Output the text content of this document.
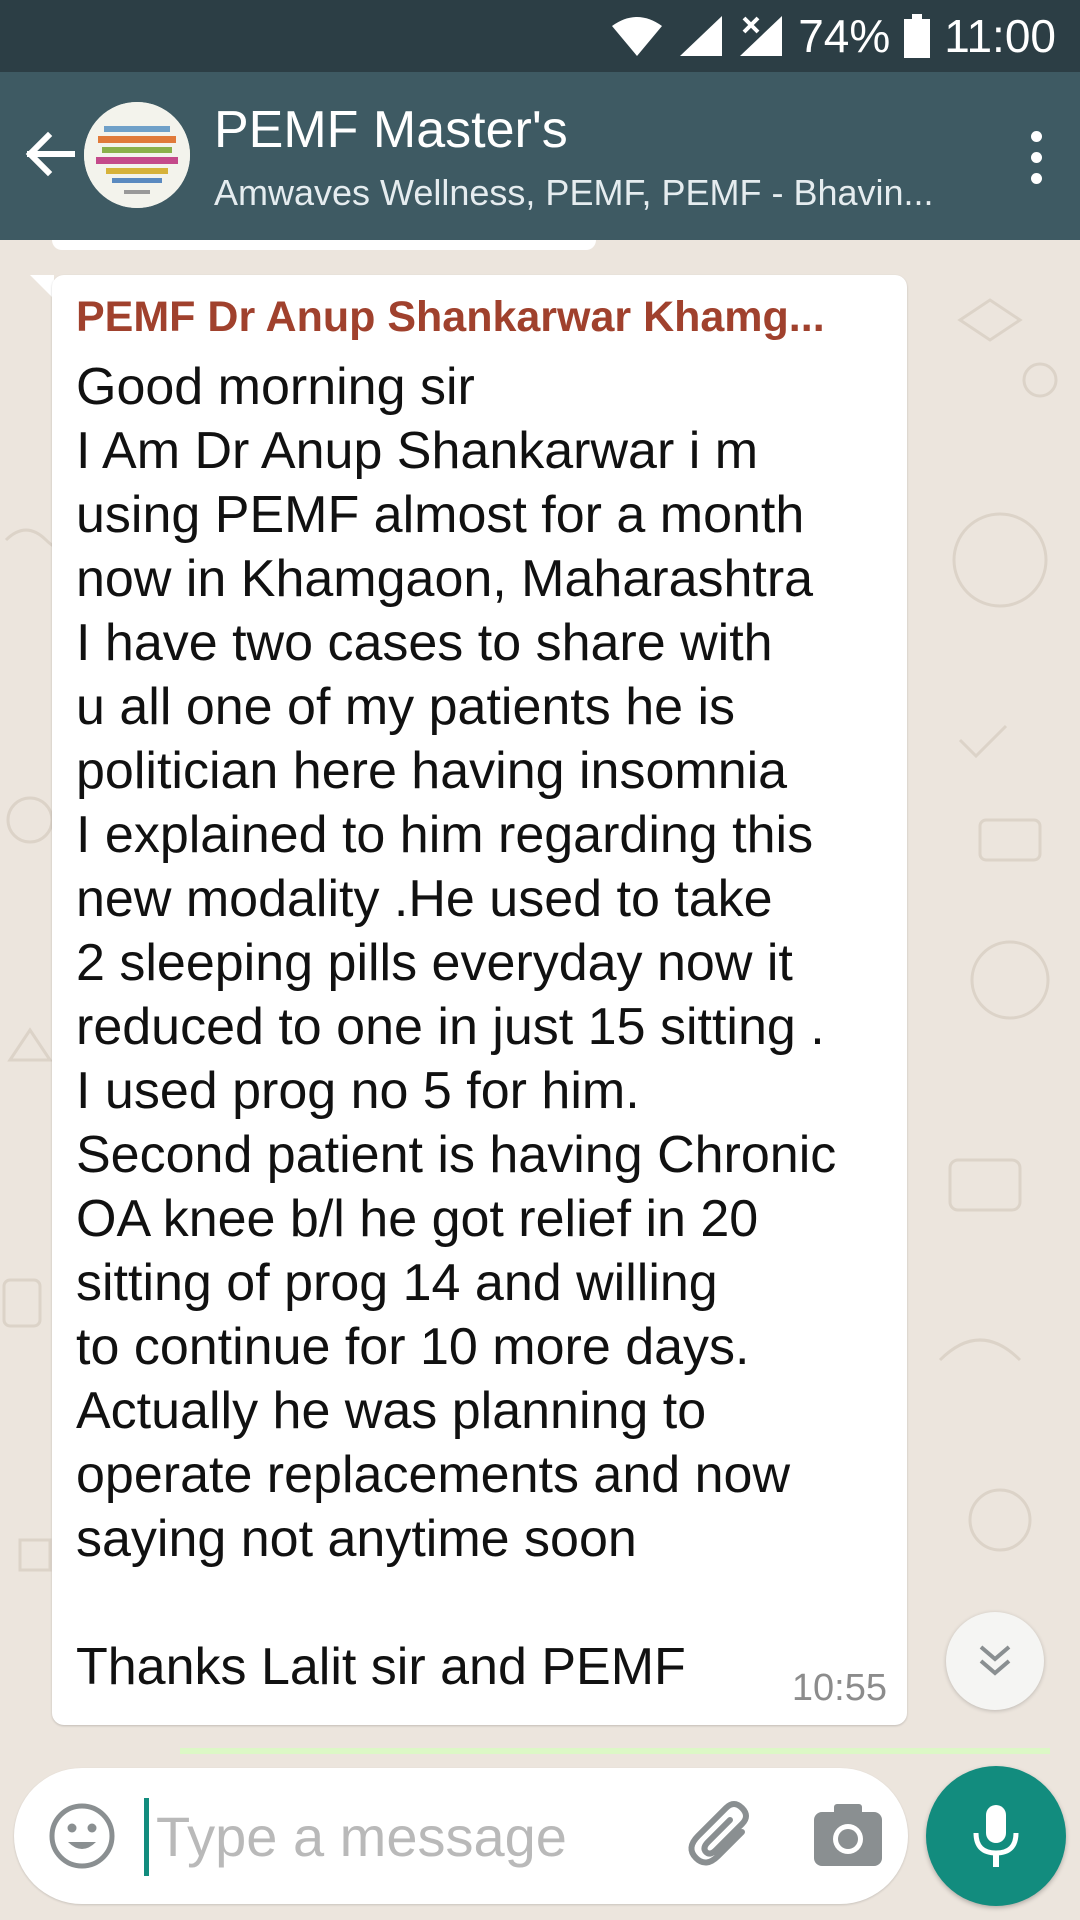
74% 11:00
PEMF Master's
Amwaves Wellness, PEMF, PEMF - Bhavin...
PEMF Dr Anup Shankarwar Khamg...
Good morning sir
I Am Dr Anup Shankarwar i m
using PEMF almost for a month
now in Khamgaon, Maharashtra
I have two cases to share with
u all one of my patients he is
politician here having insomnia
I explained to him regarding this
new modality .He used to take
2 sleeping pills everyday now it
reduced to one in just 15 sitting .
I used prog no 5 for him.
Second patient is having Chronic
OA knee b/l he got relief in 20
sitting of prog 14 and willing
to continue for 10 more days.
Actually he was planning to
operate replacements and now
saying not anytime soon
Thanks Lalit sir and PEMF	10:55
Type a message
